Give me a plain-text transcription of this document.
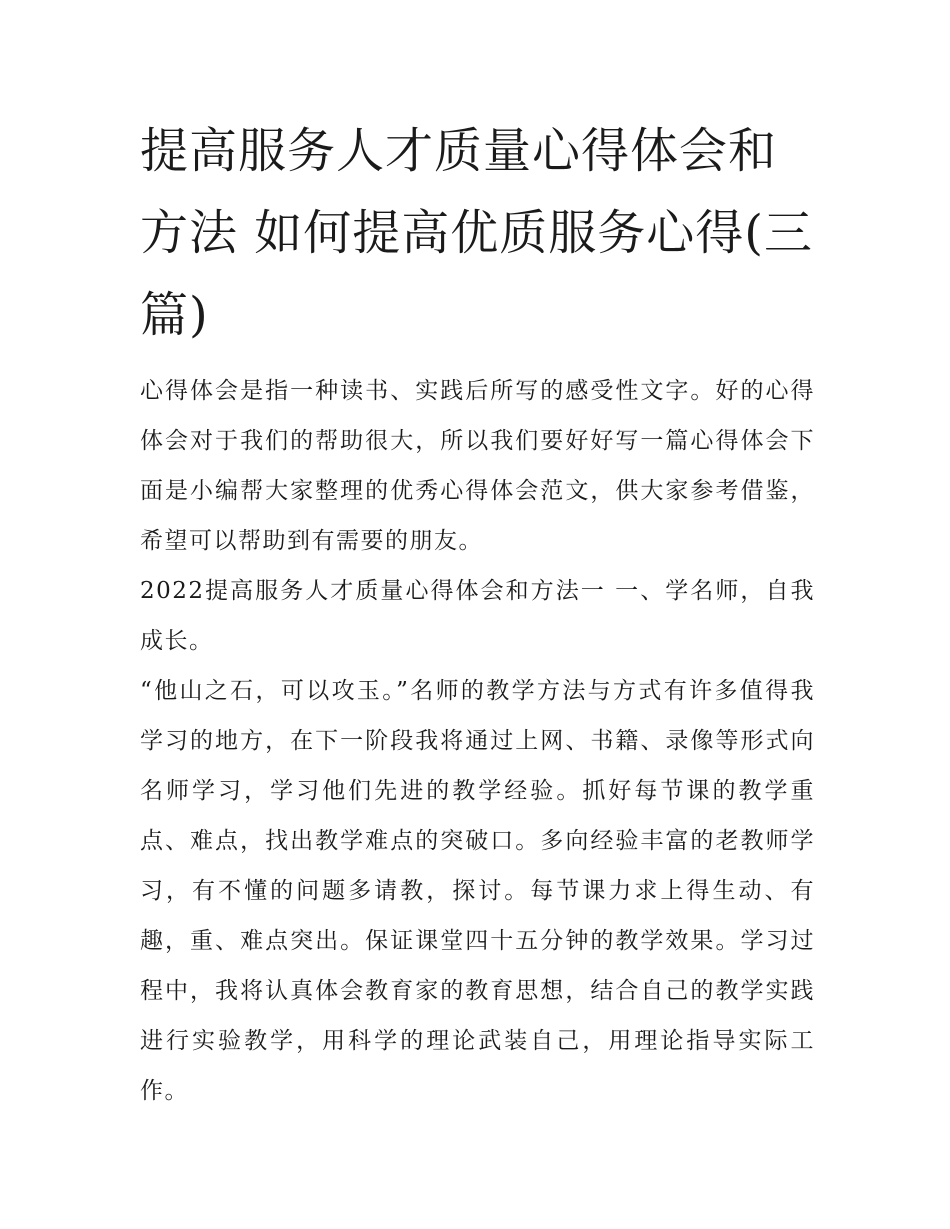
提高服务人才质量心得体会和方法 如何提高优质服务心得(三篇)

心得体会是指一种读书、实践后所写的感受性文字。好的心得体会对于我们的帮助很大，所以我们要好好写一篇心得体会下面是小编帮大家整理的优秀心得体会范文，供大家参考借鉴，希望可以帮助到有需要的朋友。

2022提高服务人才质量心得体会和方法一 一、学名师，自我成长。

“他山之石，可以攻玉。”名师的教学方法与方式有许多值得我学习的地方，在下一阶段我将通过上网、书籍、录像等形式向名师学习，学习他们先进的教学经验。抓好每节课的教学重点、难点，找出教学难点的突破口。多向经验丰富的老教师学习，有不懂的问题多请教，探讨。每节课力求上得生动、有趣，重、难点突出。保证课堂四十五分钟的教学效果。学习过程中，我将认真体会教育家的教育思想，结合自己的教学实践进行实验教学，用科学的理论武装自己，用理论指导实际工作。
